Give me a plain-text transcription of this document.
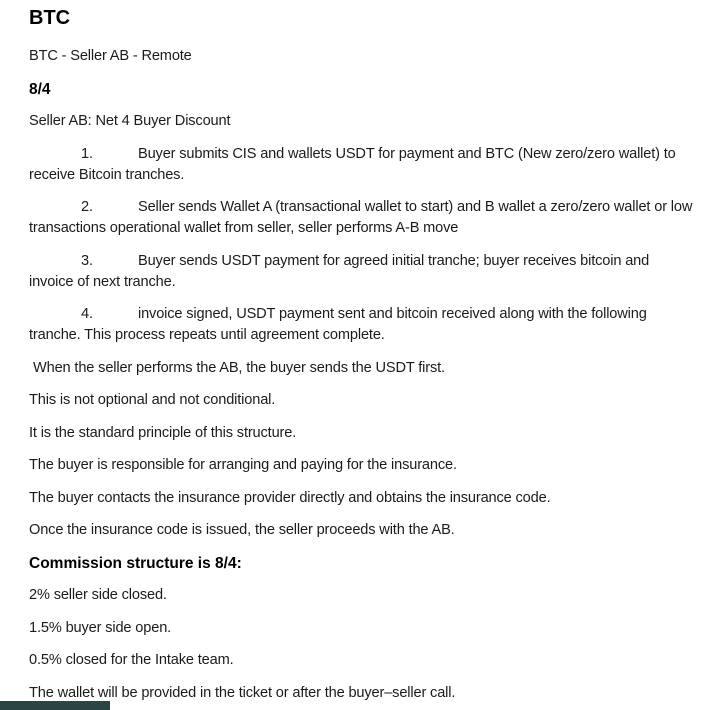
BTC

BTC - Seller AB - Remote

8/4

Seller AB: Net 4 Buyer Discount

1.	Buyer submits CIS and wallets USDT for payment and BTC (New zero/zero wallet) to receive Bitcoin tranches.

2.	Seller sends Wallet A (transactional wallet to start) and B wallet a zero/zero wallet or low transactions operational wallet from seller, seller performs A-B move

3.	Buyer sends USDT payment for agreed initial tranche; buyer receives bitcoin and invoice of next tranche.

4.	invoice signed, USDT payment sent and bitcoin received along with the following tranche. This process repeats until agreement complete.

When the seller performs the AB, the buyer sends the USDT first.

This is not optional and not conditional.

It is the standard principle of this structure.

The buyer is responsible for arranging and paying for the insurance.

The buyer contacts the insurance provider directly and obtains the insurance code.

Once the insurance code is issued, the seller proceeds with the AB.

Commission structure is 8/4:

2% seller side closed.

1.5% buyer side open.

0.5% closed for the Intake team.

The wallet will be provided in the ticket or after the buyer–seller call.
